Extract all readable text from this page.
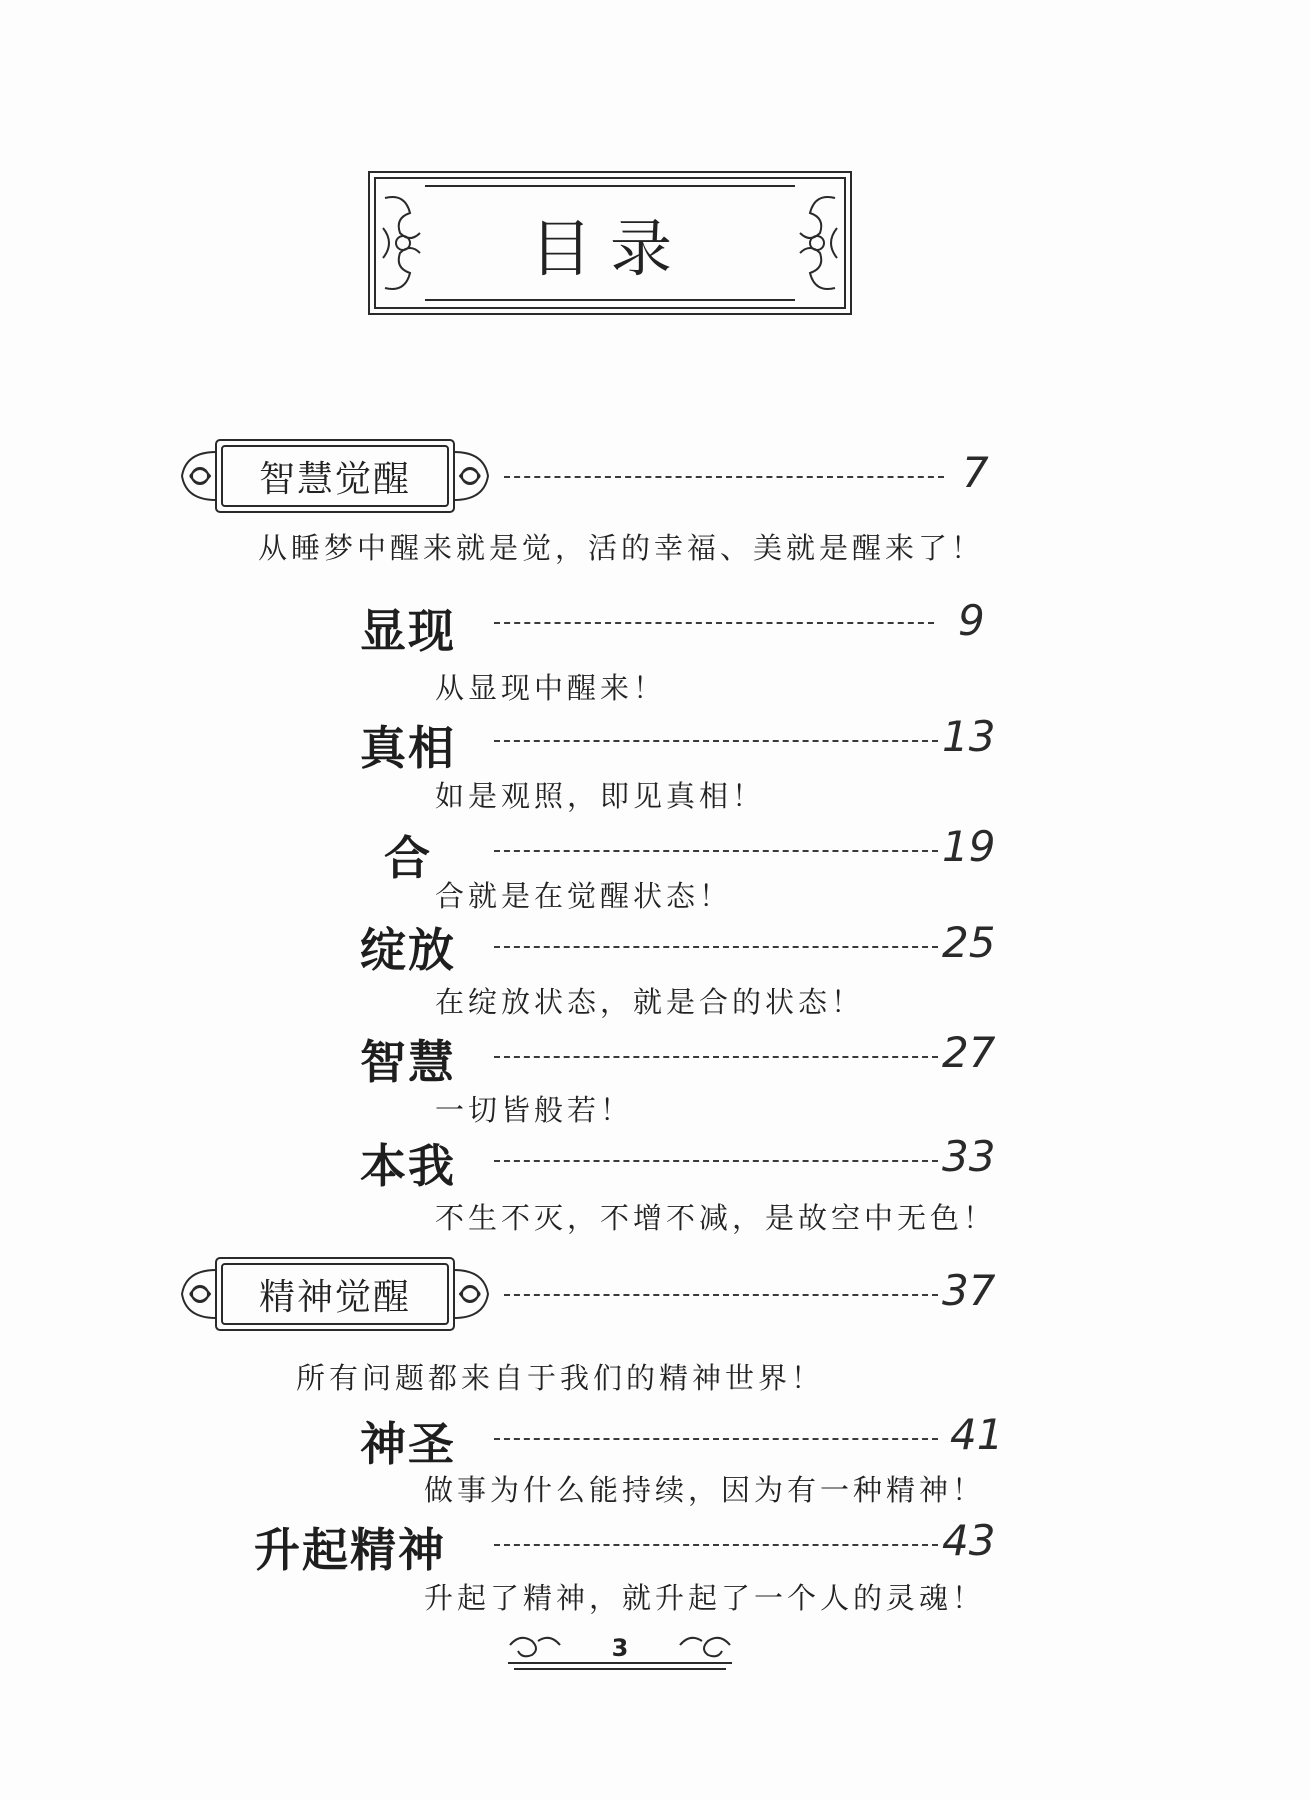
目录
智慧觉醒	7
从睡梦中醒来就是觉，活的幸福、美就是醒来了！
显现	9
从显现中醒来！
真相	13
如是观照，即见真相！
合	19
合就是在觉醒状态！
绽放	25
在绽放状态，就是合的状态！
智慧	27
一切皆般若！
本我	33
不生不灭，不增不减，是故空中无色！
精神觉醒	37
所有问题都来自于我们的精神世界！
神圣	41
做事为什么能持续，因为有一种精神！
升起精神	43
升起了精神，就升起了一个人的灵魂！
3
